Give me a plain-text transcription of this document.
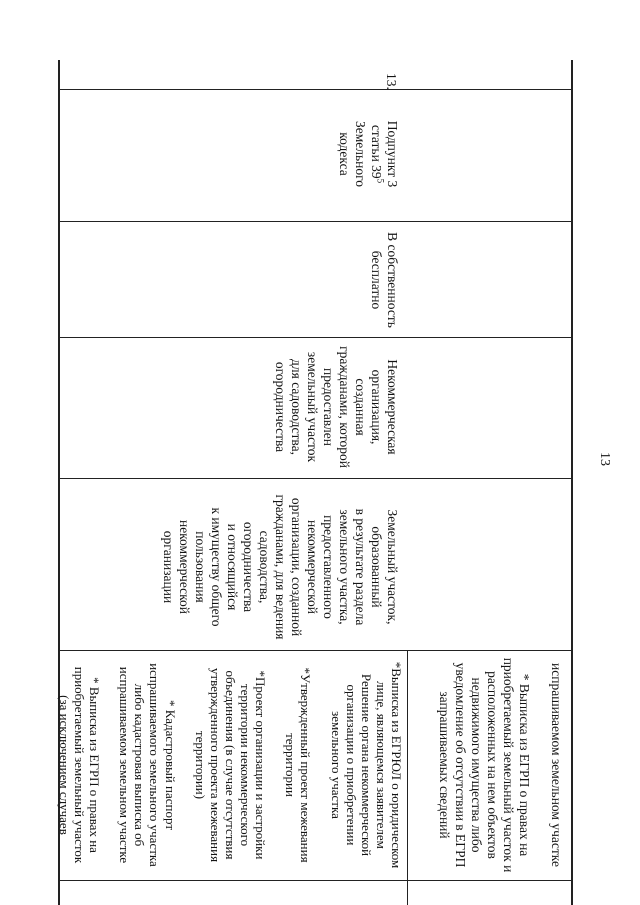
13
13.
Подпункт 3
статьи $39^5$
Земельного
кодекса
В собственность
бесплатно
Некоммерческая
организация,
созданная
гражданами, которой
предоставлен
земельный участок
для садоводства,
огородничества
Земельный участок,
образованный
в результате раздела
земельного участка,
предоставленного
некоммерческой
организации, созданной
гражданами, для ведения
садоводства,
огородничества
и относящийся
к имуществу общего
пользования
некоммерческой
организации
испрашиваемом земельном участке

* Выписка из ЕГРП о правах на
приобретаемый земельный участок и
расположенных на нем объектов
недвижимого имущества либо
уведомление об отсутствии в ЕГРП
запрашиваемых сведений
*Выписка из ЕГРЮЛ о юридическом
лице, являющемся заявителем
Решение органа некоммерческой
организации о приобретении
земельного участка

*Утвержденный проект межевания
территории

*Проект организации и застройки
территории некоммерческого
объединения (в случае отсутствия
утвержденного проекта межевания
территории)

* Кадастровый паспорт
испрашиваемого земельного участка
либо кадастровая выписка об
испрашиваемом земельном участке

* Выписка из ЕГРП о правах на
приобретаемый земельный участок
(за исключением случаев
